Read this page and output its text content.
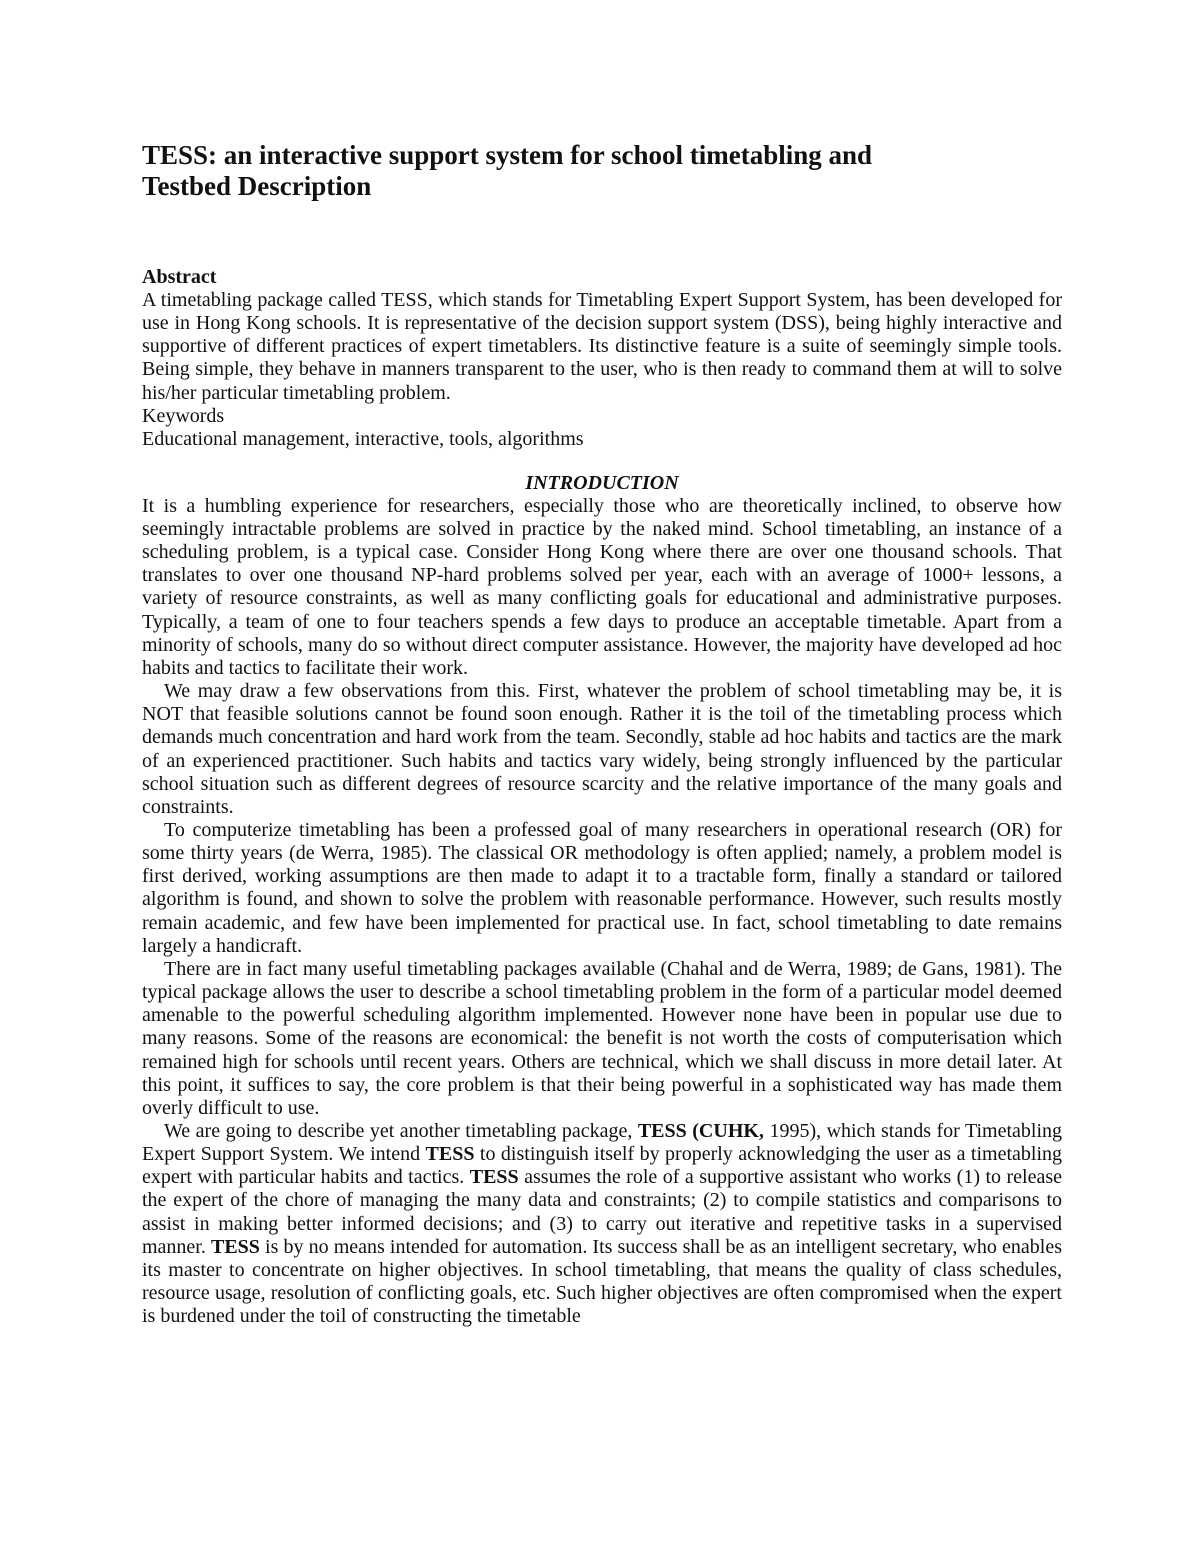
TESS: an interactive support system for school timetabling and
Testbed Description
Abstract

A timetabling package called TESS, which stands for Timetabling Expert Support System, has been developed for use in Hong Kong schools. It is representative of the decision support system (DSS), being highly interactive and supportive of different practices of expert timetablers. Its distinctive feature is a suite of seemingly simple tools. Being simple, they behave in manners transparent to the user, who is then ready to command them at will to solve his/her particular timetabling problem.

Keywords
Educational management, interactive, tools, algorithms
INTRODUCTION

It is a humbling experience for researchers, especially those who are theoretically inclined, to observe how seemingly intractable problems are solved in practice by the naked mind. School timetabling, an instance of a scheduling problem, is a typical case. Consider Hong Kong where there are over one thousand schools. That translates to over one thousand NP-hard problems solved per year, each with an average of 1000+ lessons, a variety of resource constraints, as well as many conflicting goals for educational and administrative purposes. Typically, a team of one to four teachers spends a few days to produce an acceptable timetable. Apart from a minority of schools, many do so without direct computer assistance. However, the majority have developed ad hoc habits and tactics to facilitate their work.

We may draw a few observations from this. First, whatever the problem of school timetabling may be, it is NOT that feasible solutions cannot be found soon enough. Rather it is the toil of the timetabling process which demands much concentration and hard work from the team. Secondly, stable ad hoc habits and tactics are the mark of an experienced practitioner. Such habits and tactics vary widely, being strongly influenced by the particular school situation such as different degrees of resource scarcity and the relative importance of the many goals and constraints.

To computerize timetabling has been a professed goal of many researchers in operational research (OR) for some thirty years (de Werra, 1985). The classical OR methodology is often applied; namely, a problem model is first derived, working assumptions are then made to adapt it to a tractable form, finally a standard or tailored algorithm is found, and shown to solve the problem with reasonable performance. However, such results mostly remain academic, and few have been implemented for practical use. In fact, school timetabling to date remains largely a handicraft.

There are in fact many useful timetabling packages available (Chahal and de Werra, 1989; de Gans, 1981). The typical package allows the user to describe a school timetabling problem in the form of a particular model deemed amenable to the powerful scheduling algorithm implemented. However none have been in popular use due to many reasons. Some of the reasons are economical: the benefit is not worth the costs of computerisation which remained high for schools until recent years. Others are technical, which we shall discuss in more detail later. At this point, it suffices to say, the core problem is that their being powerful in a sophisticated way has made them overly difficult to use.

We are going to describe yet another timetabling package, TESS (CUHK, 1995), which stands for Timetabling Expert Support System. We intend TESS to distinguish itself by properly acknowledging the user as a timetabling expert with particular habits and tactics. TESS assumes the role of a supportive assistant who works (1) to release the expert of the chore of managing the many data and constraints; (2) to compile statistics and comparisons to assist in making better informed decisions; and (3) to carry out iterative and repetitive tasks in a supervised manner. TESS is by no means intended for automation. Its success shall be as an intelligent secretary, who enables its master to concentrate on higher objectives. In school timetabling, that means the quality of class schedules, resource usage, resolution of conflicting goals, etc. Such higher objectives are often compromised when the expert is burdened under the toil of constructing the timetable
